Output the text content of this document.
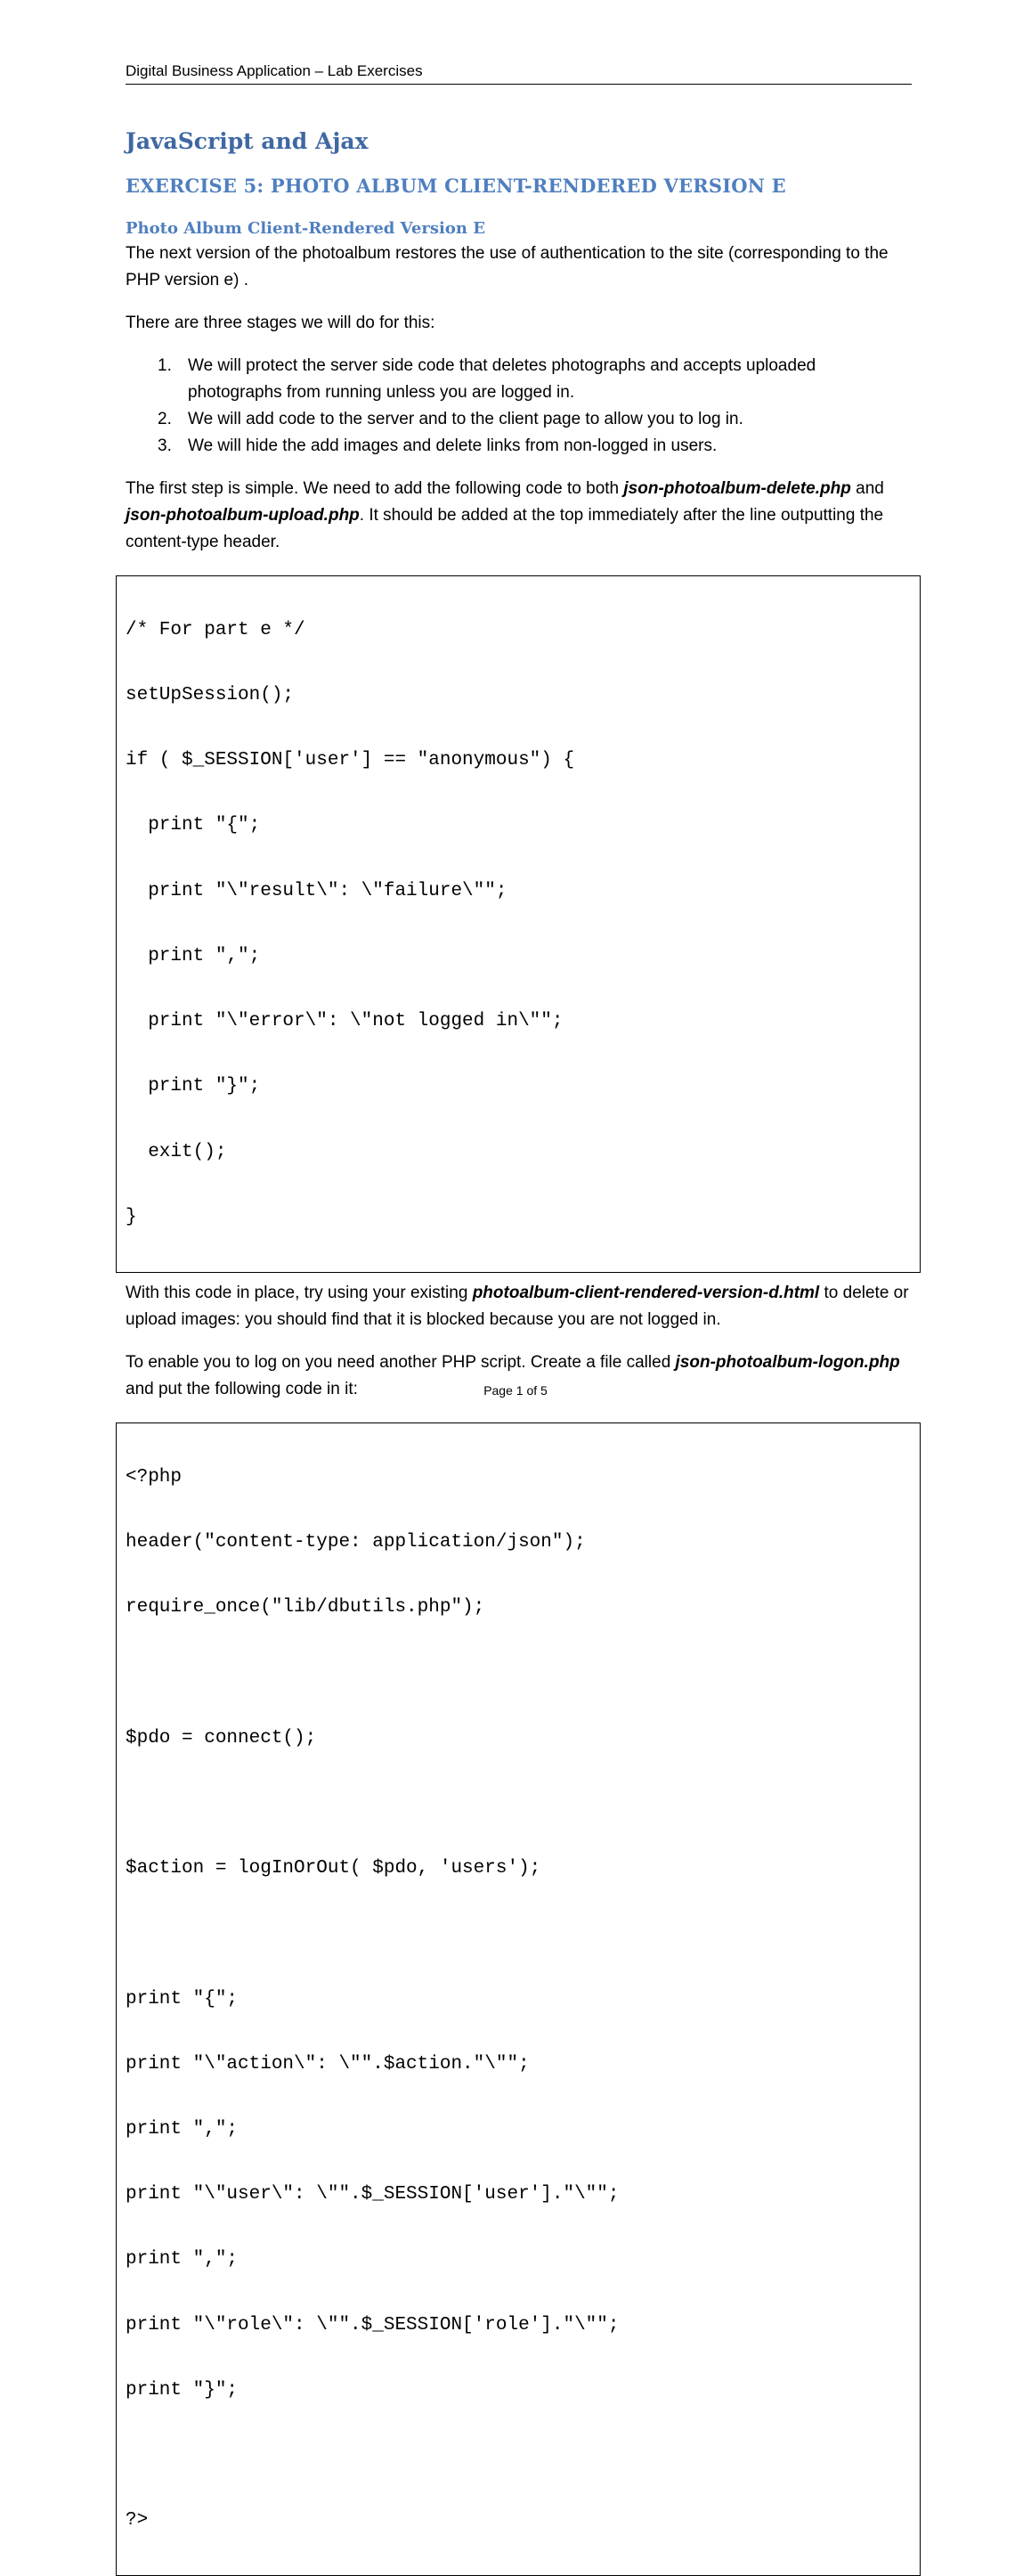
Digital Business Application – Lab Exercises
JavaScript and Ajax
EXERCISE 5: PHOTO ALBUM CLIENT-RENDERED VERSION E
Photo Album Client-Rendered Version E

The next version of the photoalbum restores the use of authentication to the site (corresponding to the PHP version e) .

There are three stages we will do for this:

1. We will protect the server side code that deletes photographs and accepts uploaded photographs from running unless you are logged in.
2. We will add code to the server and to the client page to allow you to log in.
3. We will hide the add images and delete links from non-logged in users.

The first step is simple. We need to add the following code to both json-photoalbum-delete.php and json-photoalbum-upload.php. It should be added at the top immediately after the line outputting the content-type header.

/* For part e */

setUpSession();

if ( $_SESSION['user'] == "anonymous") {

print "{";

print "\"result\": \"failure\"";

print ",";

print "\"error\": \"not logged in\"";

print "}";

exit();

}

With this code in place, try using your existing photoalbum-client-rendered-version-d.html to delete or upload images: you should find that it is blocked because you are not logged in.

To enable you to log on you need another PHP script. Create a file called json-photoalbum-logon.php and put the following code in it:

<?php

header("content-type: application/json");

require_once("lib/dbutils.php");

$pdo = connect();

$action = logInOrOut( $pdo, 'users');

print "{";

print "\"action\": \"".$action."\"";

print ",";

print "\"user\": \"".$_SESSION['user']."\"";

print ",";

print "\"role\": \"".$_SESSION['role']."\"";

print "}";

?>

Page 1 of 5
